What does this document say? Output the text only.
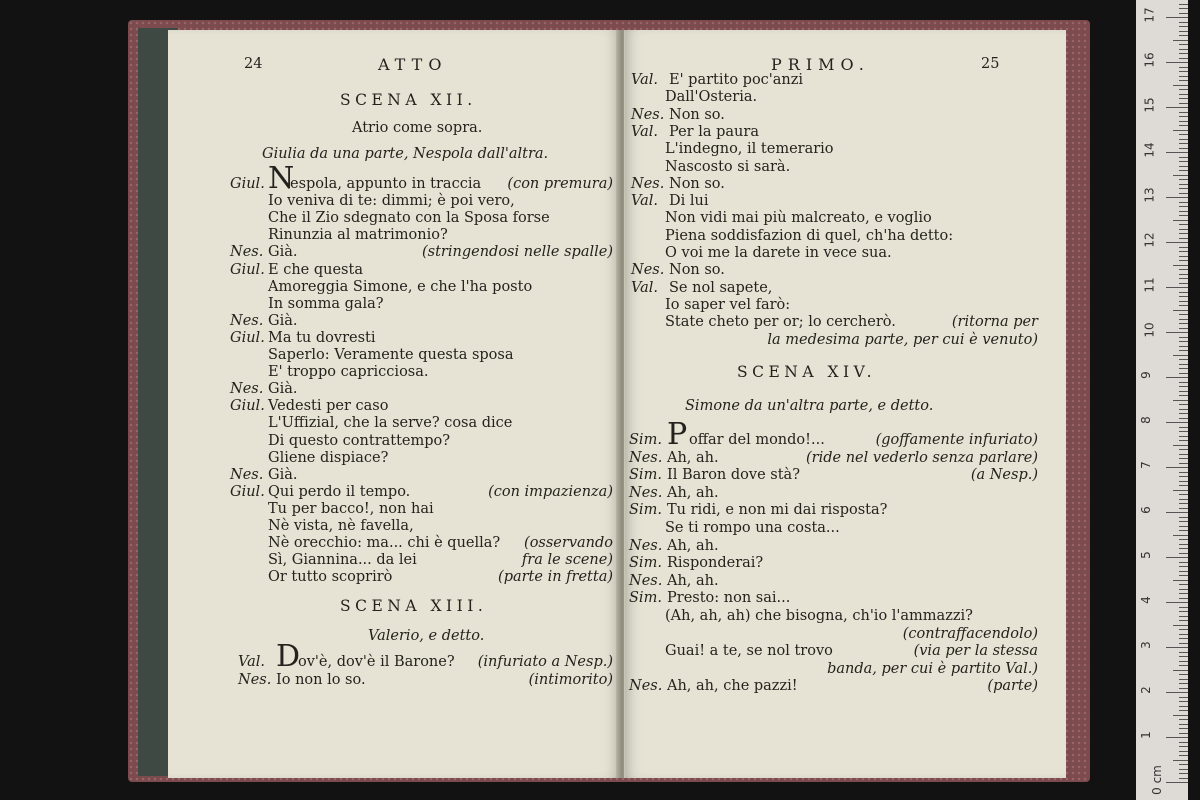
24	ATTO
SCENA XII.
Atrio come sopra.
Giulia da una parte, Nespola dall'altra.
Giul. N
espola, appunto in traccia (con premura)
Io veniva di te: dimmi; è poi vero,
Che il Zio sdegnato con la Sposa forse
Rinunzia al matrimonio?
Nes. Già.	(stringendosi nelle spalle)
Giul. E che questa
Amoreggia Simone, e che l'ha posto
In somma gala?
Nes. Già.
Giul. Ma tu dovresti
Saperlo: Veramente questa sposa
E' troppo capricciosa.
Nes. Già.
Giul. Vedesti per caso
L'Uffizial, che la serve? cosa dice
Di questo contrattempo?
Gliene dispiace?
Nes. Già.
Giul. Qui perdo il tempo.	(con impazienza)
Tu per bacco!, non hai
Nè vista, nè favella,
Nè orecchio: ma... chi è quella? (osservando
Sì, Giannina... da lei	fra le scene)
Or tutto scoprirò	(parte in fretta)
SCENA XIII.
Valerio, e detto.
Val. D
ov'è, dov'è il Barone? (infuriato a Nesp.)
Nes. Io non lo so.	(intimorito)
PRIMO.	25
Val. E' partito poc'anzi
Dall'Osteria.
Nes. Non so.
Val. Per la paura
L'indegno, il temerario
Nascosto si sarà.
Nes. Non so.
Val. Di lui
Non vidi mai più malcreato, e voglio
Piena soddisfazion di quel, ch'ha detto:
O voi me la darete in vece sua.
Nes. Non so.
Val. Se nol sapete,
Io saper vel farò:
State cheto per or; lo cercherò.	(ritorna per
la medesima parte, per cui è venuto)
SCENA XIV.
Simone da un'altra parte, e detto.
Sim. P offar del mondo!...	(goffamente infuriato)
Nes. Ah, ah.	(ride nel vederlo senza parlare)
Sim. Il Baron dove stà?	(a Nesp.)
Nes. Ah, ah.
Sim. Tu ridi, e non mi dai risposta?
Se ti rompo una costa...
Nes. Ah, ah.
Sim. Risponderai?
Nes. Ah, ah.
Sim. Presto: non sai...
(Ah, ah, ah) che bisogna, ch'io l'ammazzi?
(contraffacendolo)
Guai! a te, se nol trovo	(via per la stessa
banda, per cui è partito Val.)
Nes. Ah, ah, che pazzi!	(parte)
0 cm
1
2
3
4
5
6
7
8
9
10
11
12
13
14
15
16
17
